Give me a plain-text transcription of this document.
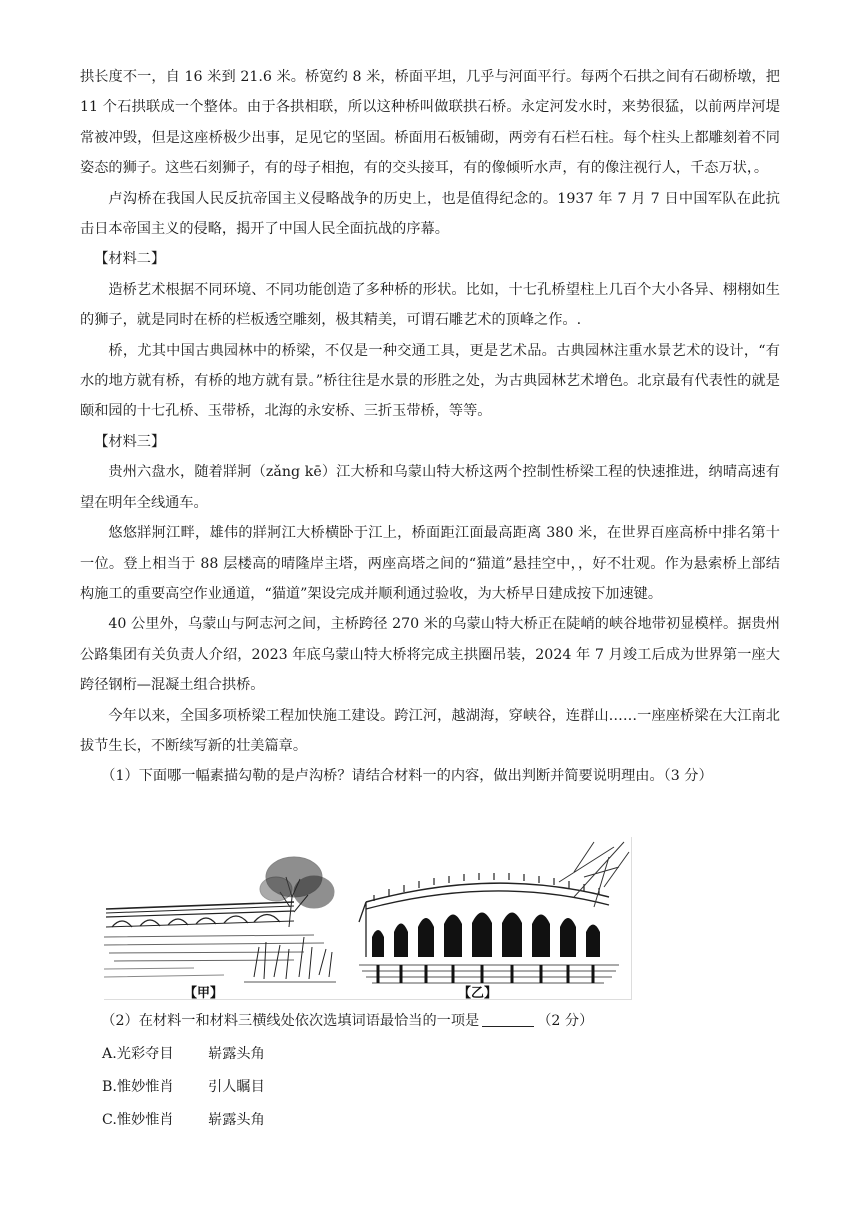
拱长度不一，自 16 米到 21.6 米。桥宽约 8 米，桥面平坦，几乎与河面平行。每两个石拱之间有石砌桥墩，把 11 个石拱联成一个整体。由于各拱相联，所以这种桥叫做联拱石桥。永定河发水时，来势很猛，以前两岸河堤常被冲毁，但是这座桥极少出事，足见它的坚固。桥面用石板铺砌，两旁有石栏石柱。每个柱头上都雕刻着不同姿态的狮子。这些石刻狮子，有的母子相抱，有的交头接耳，有的像倾听水声，有的像注视行人，千态万状，。

卢沟桥在我国人民反抗帝国主义侵略战争的历史上，也是值得纪念的。1937 年 7 月 7 日中国军队在此抗击日本帝国主义的侵略，揭开了中国人民全面抗战的序幕。

【材料二】

造桥艺术根据不同环境、不同功能创造了多种桥的形状。比如，十七孔桥望柱上几百个大小各异、栩栩如生的狮子，就是同时在桥的栏板透空雕刻，极其精美，可谓石雕艺术的顶峰之作。.

桥，尤其中国古典园林中的桥梁，不仅是一种交通工具，更是艺术品。古典园林注重水景艺术的设计，“有水的地方就有桥，有桥的地方就有景。”桥往往是水景的形胜之处，为古典园林艺术增色。北京最有代表性的就是颐和园的十七孔桥、玉带桥，北海的永安桥、三折玉带桥，等等。

【材料三】

贵州六盘水，随着牂牁（zǎng kē）江大桥和乌蒙山特大桥这两个控制性桥梁工程的快速推进，纳晴高速有望在明年全线通车。

悠悠牂牁江畔，雄伟的牂牁江大桥横卧于江上，桥面距江面最高距离 380 米，在世界百座高桥中排名第十一位。登上相当于 88 层楼高的晴隆岸主塔，两座高塔之间的“猫道”悬挂空中，，好不壮观。作为悬索桥上部结构施工的重要高空作业通道，“猫道”架设完成并顺利通过验收，为大桥早日建成按下加速键。

40 公里外，乌蒙山与阿志河之间，主桥跨径 270 米的乌蒙山特大桥正在陡峭的峡谷地带初显模样。据贵州公路集团有关负责人介绍，2023 年底乌蒙山特大桥将完成主拱圈吊装，2024 年 7 月竣工后成为世界第一座大跨径钢桁—混凝土组合拱桥。

今年以来，全国多项桥梁工程加快施工建设。跨江河，越湖海，穿峡谷，连群山……一座座桥梁在大江南北拔节生长，不断续写新的壮美篇章。

（1）下面哪一幅素描勾勒的是卢沟桥？请结合材料一的内容，做出判断并简要说明理由。（3 分）

【甲】	【乙】

（2）在材料一和材料三横线处依次选填词语最恰当的一项是	（2 分）

A.光彩夺目 崭露头角

B.惟妙惟肖 引人瞩目

C.惟妙惟肖 崭露头角
